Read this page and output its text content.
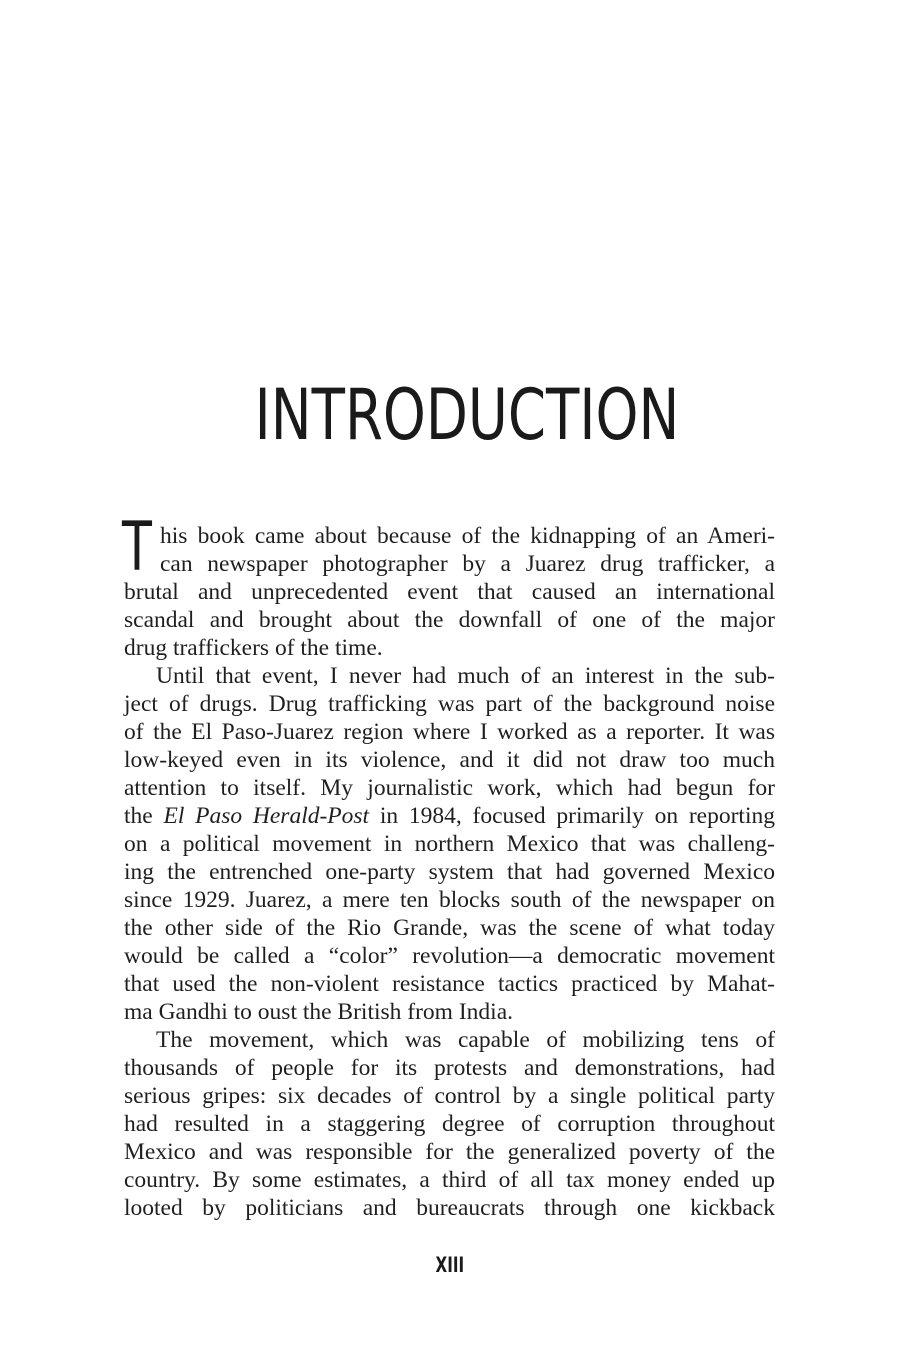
INTRODUCTION
T his book came about because of the kidnapping of an Ameri-
can newspaper photographer by a Juarez drug trafficker, a
brutal and unprecedented event that caused an international
scandal and brought about the downfall of one of the major
drug traffickers of the time.
Until that event, I never had much of an interest in the sub-
ject of drugs. Drug trafficking was part of the background noise
of the El Paso-Juarez region where I worked as a reporter. It was
low-keyed even in its violence, and it did not draw too much
attention to itself. My journalistic work, which had begun for
the El Paso Herald-Post in 1984, focused primarily on reporting
on a political movement in northern Mexico that was challeng-
ing the entrenched one-party system that had governed Mexico
since 1929. Juarez, a mere ten blocks south of the newspaper on
the other side of the Rio Grande, was the scene of what today
would be called a “color” revolution—a democratic movement
that used the non-violent resistance tactics practiced by Mahat-
ma Gandhi to oust the British from India.
The movement, which was capable of mobilizing tens of
thousands of people for its protests and demonstrations, had
serious gripes: six decades of control by a single political party
had resulted in a staggering degree of corruption throughout
Mexico and was responsible for the generalized poverty of the
country. By some estimates, a third of all tax money ended up
looted by politicians and bureaucrats through one kickback
XIII
